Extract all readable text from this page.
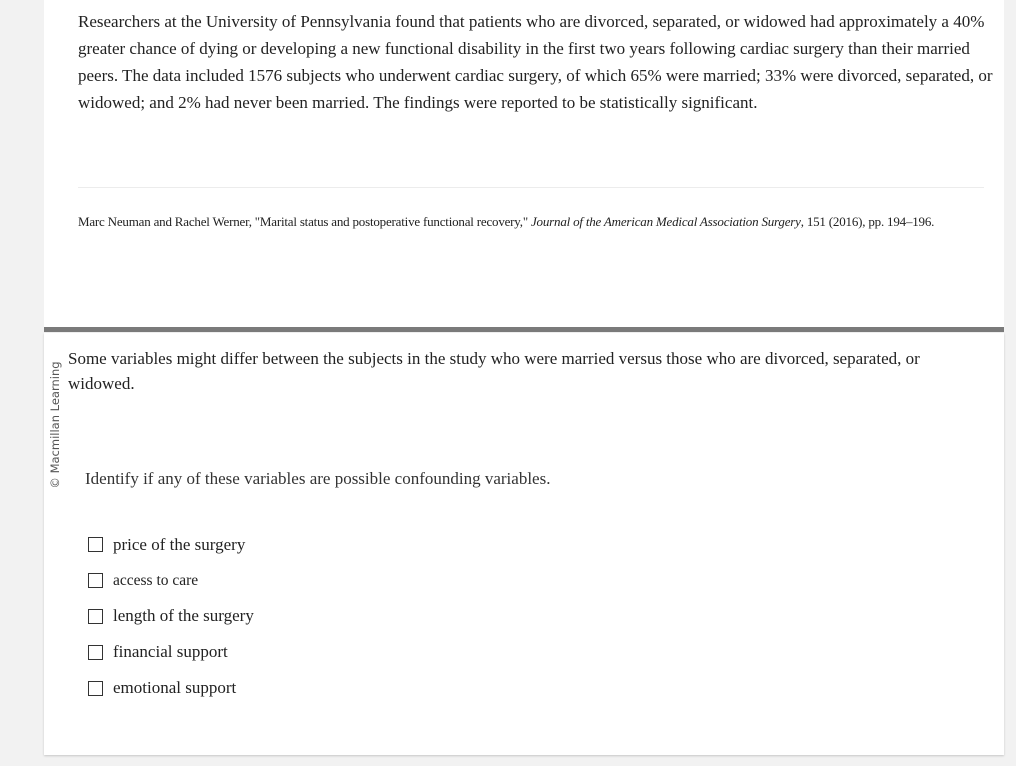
Researchers at the University of Pennsylvania found that patients who are divorced, separated, or widowed had approximately a 40% greater chance of dying or developing a new functional disability in the first two years following cardiac surgery than their married peers. The data included 1576 subjects who underwent cardiac surgery, of which 65% were married; 33% were divorced, separated, or widowed; and 2% had never been married. The findings were reported to be statistically significant.

Marc Neuman and Rachel Werner, "Marital status and postoperative functional recovery," Journal of the American Medical Association Surgery, 151 (2016), pp. 194–196.

Some variables might differ between the subjects in the study who were married versus those who are divorced, separated, or widowed.

Identify if any of these variables are possible confounding variables.

price of the surgery
access to care
length of the surgery
financial support
emotional support
© Macmillan Learning
